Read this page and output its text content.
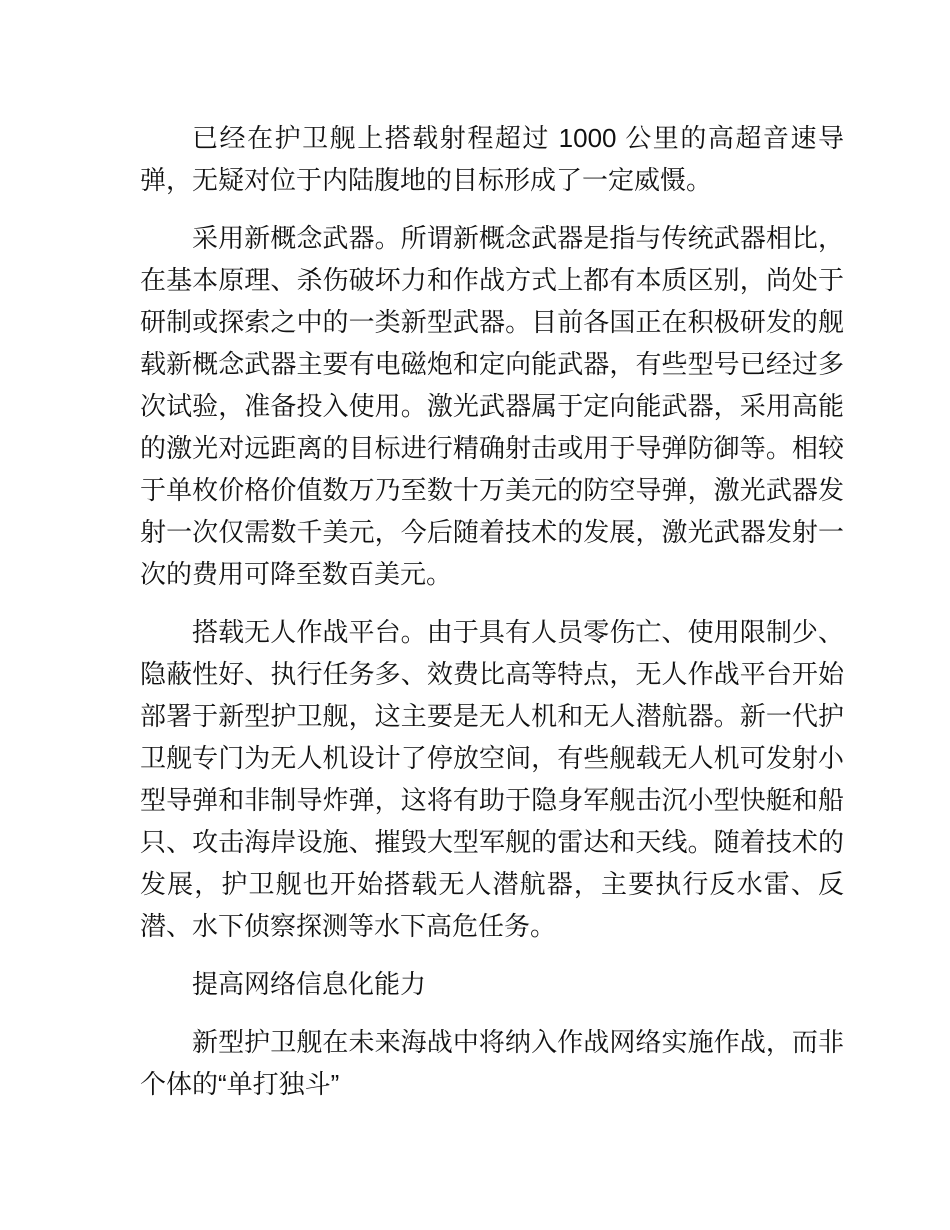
已经在护卫舰上搭载射程超过 1000 公里的高超音速导弹，无疑对位于内陆腹地的目标形成了一定威慑。

采用新概念武器。所谓新概念武器是指与传统武器相比，在基本原理、杀伤破坏力和作战方式上都有本质区别，尚处于研制或探索之中的一类新型武器。目前各国正在积极研发的舰载新概念武器主要有电磁炮和定向能武器，有些型号已经过多次试验，准备投入使用。激光武器属于定向能武器，采用高能的激光对远距离的目标进行精确射击或用于导弹防御等。相较于单枚价格价值数万乃至数十万美元的防空导弹，激光武器发射一次仅需数千美元，今后随着技术的发展，激光武器发射一次的费用可降至数百美元。

搭载无人作战平台。由于具有人员零伤亡、使用限制少、隐蔽性好、执行任务多、效费比高等特点，无人作战平台开始部署于新型护卫舰，这主要是无人机和无人潜航器。新一代护卫舰专门为无人机设计了停放空间，有些舰载无人机可发射小型导弹和非制导炸弹，这将有助于隐身军舰击沉小型快艇和船只、攻击海岸设施、摧毁大型军舰的雷达和天线。随着技术的发展，护卫舰也开始搭载无人潜航器，主要执行反水雷、反潜、水下侦察探测等水下高危任务。

提高网络信息化能力

新型护卫舰在未来海战中将纳入作战网络实施作战，而非个体的“单打独斗”
